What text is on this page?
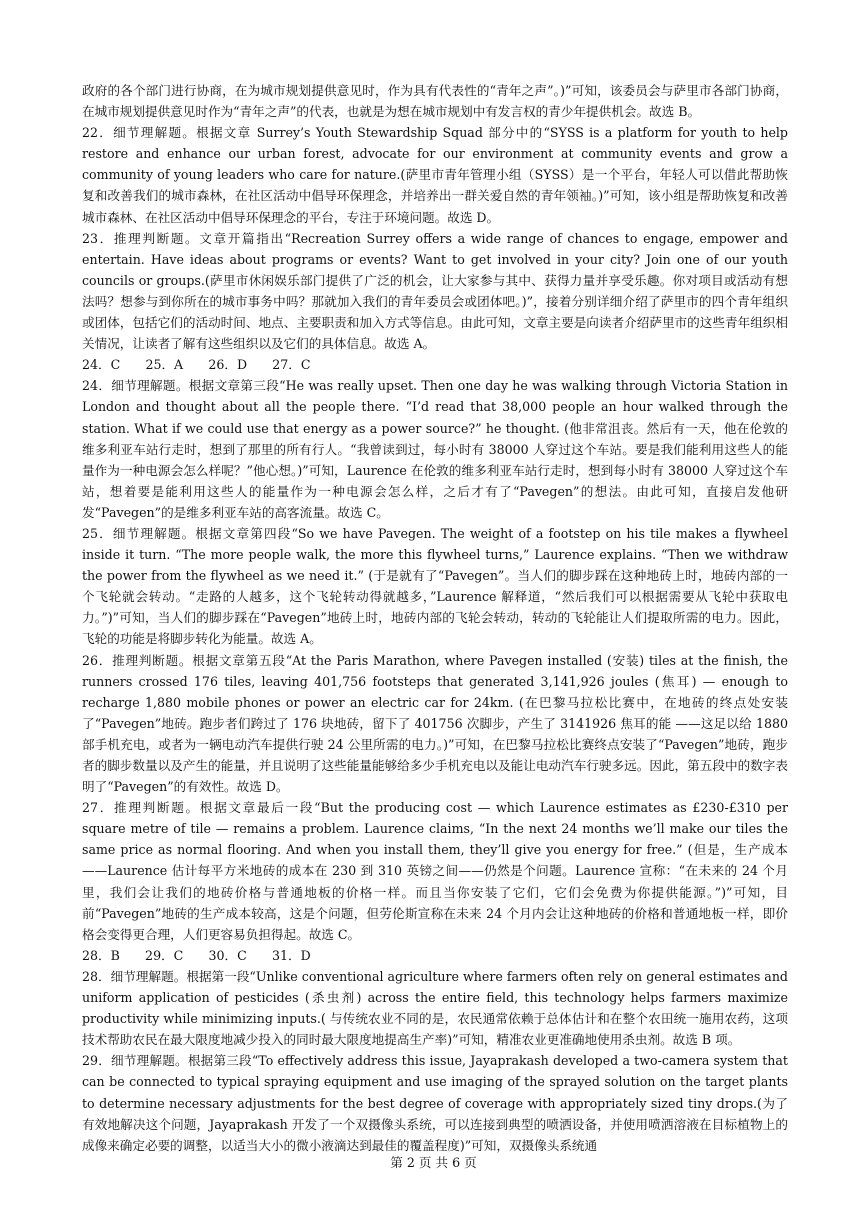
政府的各个部门进行协商，在为城市规划提供意见时，作为具有代表性的“青年之声”。)”可知，该委员会与萨里市各部门协商，在城市规划提供意见时作为“青年之声”的代表，也就是为想在城市规划中有发言权的青少年提供机会。故选 B。

22．细节理解题。根据文章 Surrey’s Youth Stewardship Squad 部分中的“SYSS is a platform for youth to help restore and enhance our urban forest, advocate for our environment at community events and grow a community of young leaders who care for nature.(萨里市青年管理小组（SYSS）是一个平台，年轻人可以借此帮助恢复和改善我们的城市森林，在社区活动中倡导环保理念，并培养出一群关爱自然的青年领袖。)”可知，该小组是帮助恢复和改善城市森林、在社区活动中倡导环保理念的平台，专注于环境问题。故选 D。

23．推理判断题。文章开篇指出“Recreation Surrey offers a wide range of chances to engage, empower and entertain. Have ideas about programs or events? Want to get involved in your city? Join one of our youth councils or groups.(萨里市休闲娱乐部门提供了广泛的机会，让大家参与其中、获得力量并享受乐趣。你对项目或活动有想法吗？想参与到你所在的城市事务中吗？那就加入我们的青年委员会或团体吧。)”，接着分别详细介绍了萨里市的四个青年组织或团体，包括它们的活动时间、地点、主要职责和加入方式等信息。由此可知，文章主要是向读者介绍萨里市的这些青年组织相关情况，让读者了解有这些组织以及它们的具体信息。故选 A。

24．C　　25．A　　26．D　　27．C

24．细节理解题。根据文章第三段“He was really upset. Then one day he was walking through Victoria Station in London and thought about all the people there. “I’d read that 38,000 people an hour walked through the station. What if we could use that energy as a power source?” he thought. (他非常沮丧。然后有一天，他在伦敦的维多利亚车站行走时，想到了那里的所有行人。“我曾读到过，每小时有 38000 人穿过这个车站。要是我们能利用这些人的能量作为一种电源会怎么样呢？”他心想。)”可知，Laurence 在伦敦的维多利亚车站行走时，想到每小时有 38000 人穿过这个车站，想着要是能利用这些人的能量作为一种电源会怎么样，之后才有了“Pavegen”的想法。由此可知，直接启发他研发“Pavegen”的是维多利亚车站的高客流量。故选 C。

25．细节理解题。根据文章第四段“So we have Pavegen. The weight of a footstep on his tile makes a flywheel inside it turn. “The more people walk, the more this flywheel turns,” Laurence explains. “Then we withdraw the power from the flywheel as we need it.” (于是就有了“Pavegen”。当人们的脚步踩在这种地砖上时，地砖内部的一个飞轮就会转动。“走路的人越多，这个飞轮转动得就越多，”Laurence 解释道，“然后我们可以根据需要从飞轮中获取电力。”)”可知，当人们的脚步踩在“Pavegen”地砖上时，地砖内部的飞轮会转动，转动的飞轮能让人们提取所需的电力。因此，飞轮的功能是将脚步转化为能量。故选 A。

26．推理判断题。根据文章第五段“At the Paris Marathon, where Pavegen installed (安装) tiles at the finish, the runners crossed 176 tiles, leaving 401,756 footsteps that generated 3,141,926 joules (焦耳) — enough to recharge 1,880 mobile phones or power an electric car for 24km. (在巴黎马拉松比赛中，在地砖的终点处安装了“Pavegen”地砖。跑步者们跨过了 176 块地砖，留下了 401756 次脚步，产生了 3141926 焦耳的能 ——这足以给 1880 部手机充电，或者为一辆电动汽车提供行驶 24 公里所需的电力。)”可知，在巴黎马拉松比赛终点安装了“Pavegen”地砖，跑步者的脚步数量以及产生的能量，并且说明了这些能量能够给多少手机充电以及能让电动汽车行驶多远。因此，第五段中的数字表明了“Pavegen”的有效性。故选 D。

27．推理判断题。根据文章最后一段“But the producing cost — which Laurence estimates as £230-£310 per square metre of tile — remains a problem. Laurence claims, “In the next 24 months we’ll make our tiles the same price as normal flooring. And when you install them, they’ll give you energy for free.” (但是，生产成本——Laurence 估计每平方米地砖的成本在 230 到 310 英镑之间——仍然是个问题。Laurence 宣称：“在未来的 24 个月里，我们会让我们的地砖价格与普通地板的价格一样。而且当你安装了它们，它们会免费为你提供能源。”)”可知，目前“Pavegen”地砖的生产成本较高，这是个问题，但劳伦斯宣称在未来 24 个月内会让这种地砖的价格和普通地板一样，即价格会变得更合理，人们更容易负担得起。故选 C。

28．B　　29．C　　30．C　　31．D

28．细节理解题。根据第一段“Unlike conventional agriculture where farmers often rely on general estimates and uniform application of pesticides (杀虫剂) across the entire field, this technology helps farmers maximize productivity while minimizing inputs.( 与传统农业不同的是，农民通常依赖于总体估计和在整个农田统一施用农药，这项技术帮助农民在最大限度地减少投入的同时最大限度地提高生产率)”可知，精准农业更准确地使用杀虫剂。故选 B 项。

29．细节理解题。根据第三段“To effectively address this issue, Jayaprakash developed a two-camera system that can be connected to typical spraying equipment and use imaging of the sprayed solution on the target plants to determine necessary adjustments for the best degree of coverage with appropriately sized tiny drops.(为了有效地解决这个问题，Jayaprakash 开发了一个双摄像头系统，可以连接到典型的喷洒设备，并使用喷洒溶液在目标植物上的成像来确定必要的调整，以适当大小的微小液滴达到最佳的覆盖程度)”可知，双摄像头系统通

第 2 页 共 6 页
